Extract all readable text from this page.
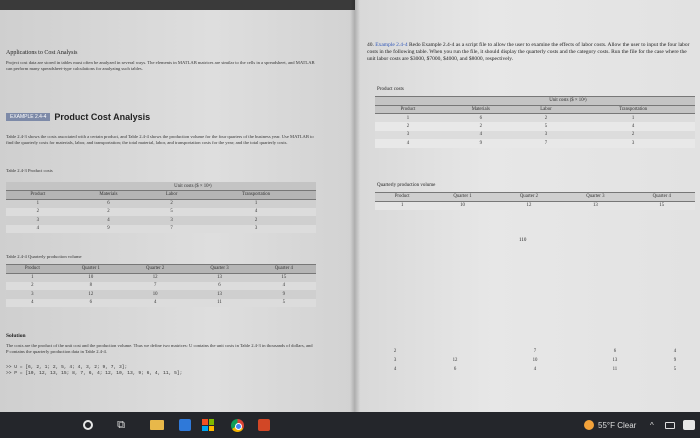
Applications to Cost Analysis
Project cost data are stored in tables must often be analyzed in several ways. The elements in MATLAB matrices are similar to the cells in a spreadsheet, and MATLAB can perform many spreadsheet-type calculations for analyzing such tables.
EXAMPLE 2.4-4 Product Cost Analysis
Table 2.4-3 shows the costs associated with a certain product, and Table 2.4-4 shows the production volume for the four quarters of the business year. Use MATLAB to find the quarterly costs for materials, labor, and transportation; the total material, labor, and transportation costs for the year; and the total quarterly costs.
Table 2.4-3 Product costs
	Unit costs ($ × 10³)		
Product	Materials	Labor	Transportation
1	6	2	1
2	2	5	4
3	4	3	2
4	9	7	3
Table 2.4-4 Quarterly production volume
Product	Quarter 1	Quarter 2	Quarter 3	Quarter 4
1	10	12	13	15
2	8	7	6	4
3	12	10	13	9
4	6	4	11	5
Solution
The costs are the product of the unit cost and the production volume. Thus we define two matrices: U contains the unit costs in Table 2.4-3 in thousands of dollars, and P contains the quarterly production data in Table 2.4-4.
>> U = [6, 2, 1; 2, 5, 4; 4, 3, 2; 9, 7, 3];
>> P = [10, 12, 13, 15; 8, 7, 6, 4; 12, 10, 13, 9; 6, 4, 11, 5];
40. Example 2.4-4 Redo Example 2.4-4 as a script file to allow the user to examine the effects of labor costs. Allow the user to input the four labor costs in the following table. When you run the file, it should display the quarterly costs and the category costs. Run the file for the case where the unit labor costs are $3000, $7000, $4000, and $8000, respectively.
Product costs
	Unit costs ($ × 10³)		
Product	Materials	Labor	Transportation
1	6	2	1
2	2	5	4
3	4	3	2
4	9	7	3
Quarterly production volume
Product	Quarter 1	Quarter 2	Quarter 3	Quarter 4
1	10	12	13	15
110
2		7	6	4
3	12	10	13	9
4	6	4	11	5
⧉	55°F Clear ^
